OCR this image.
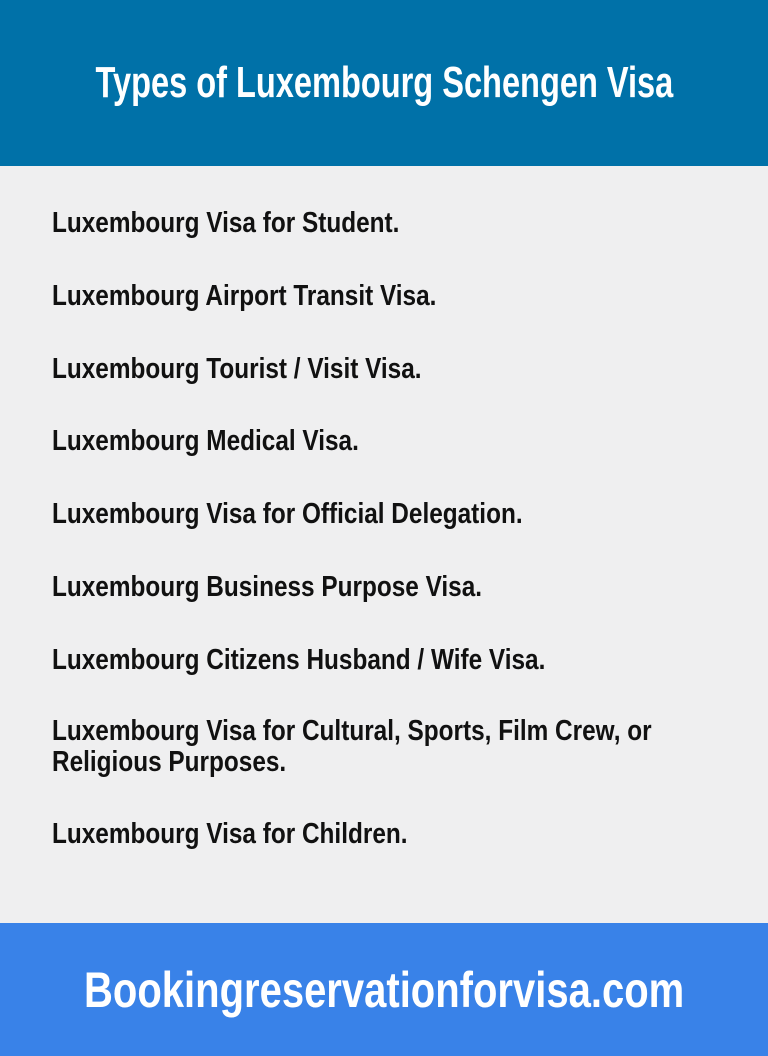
Types of Luxembourg Schengen Visa
Luxembourg Visa for Student.
Luxembourg Airport Transit Visa.
Luxembourg Tourist / Visit Visa.
Luxembourg Medical Visa.
Luxembourg Visa for Official Delegation.
Luxembourg Business Purpose Visa.
Luxembourg Citizens Husband / Wife Visa.
Luxembourg Visa for Cultural, Sports, Film Crew, or Religious Purposes.
Luxembourg Visa for Children.
Bookingreservationforvisa.com
